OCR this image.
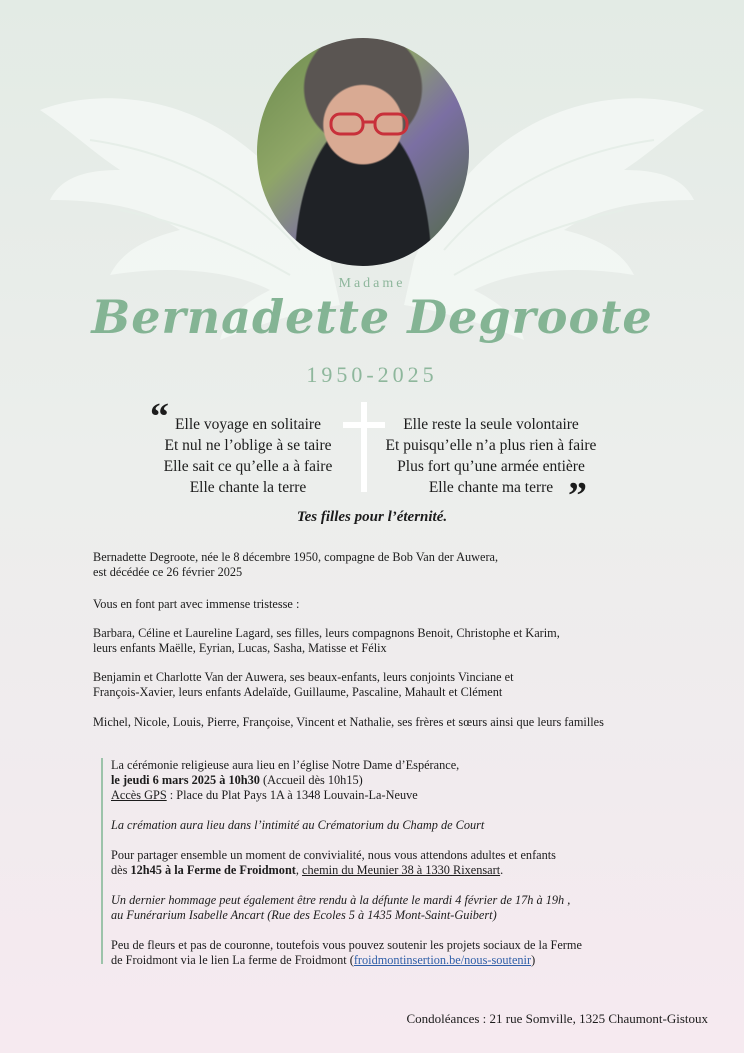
Madame
Bernadette Degroote
1950-2025
“
”
Elle voyage en solitaire
Et nul ne l’oblige à se taire
Elle sait ce qu’elle a à faire
Elle chante la terre
Elle reste la seule volontaire
Et puisqu’elle n’a plus rien à faire
Plus fort qu’une armée entière
Elle chante ma terre
Tes filles pour l’éternité.

Bernadette Degroote, née le 8 décembre 1950, compagne de Bob Van der Auwera,

est décédée ce 26 février 2025

Vous en font part avec immense tristesse :

Barbara, Céline et Laureline Lagard, ses filles, leurs compagnons Benoit, Christophe et Karim,

leurs enfants Maëlle, Eyrian, Lucas, Sasha, Matisse et Félix

Benjamin et Charlotte Van der Auwera, ses beaux-enfants, leurs conjoints Vinciane et

François-Xavier, leurs enfants Adelaïde, Guillaume, Pascaline, Mahault et Clément

Michel, Nicole, Louis, Pierre, Françoise, Vincent et Nathalie, ses frères et sœurs ainsi que leurs familles

La cérémonie religieuse aura lieu en l’église Notre Dame d’Espérance,
le jeudi 6 mars 2025 à 10h30 (Accueil dès 10h15)
Accès GPS : Place du Plat Pays 1A à 1348 Louvain-La-Neuve

La crémation aura lieu dans l’intimité au Crématorium du Champ de Court

Pour partager ensemble un moment de convivialité, nous vous attendons adultes et enfants
dès 12h45 à la Ferme de Froidmont, chemin du Meunier 38 à 1330 Rixensart.

Un dernier hommage peut également être rendu à la défunte le mardi 4 février de 17h à 19h ,
au Funérarium Isabelle Ancart (Rue des Ecoles 5 à 1435 Mont-Saint-Guibert)

Peu de fleurs et pas de couronne, toutefois vous pouvez soutenir les projets sociaux de la Ferme
de Froidmont via le lien La ferme de Froidmont (froidmontinsertion.be/nous-soutenir)

Condoléances : 21 rue Somville, 1325 Chaumont-Gistoux
